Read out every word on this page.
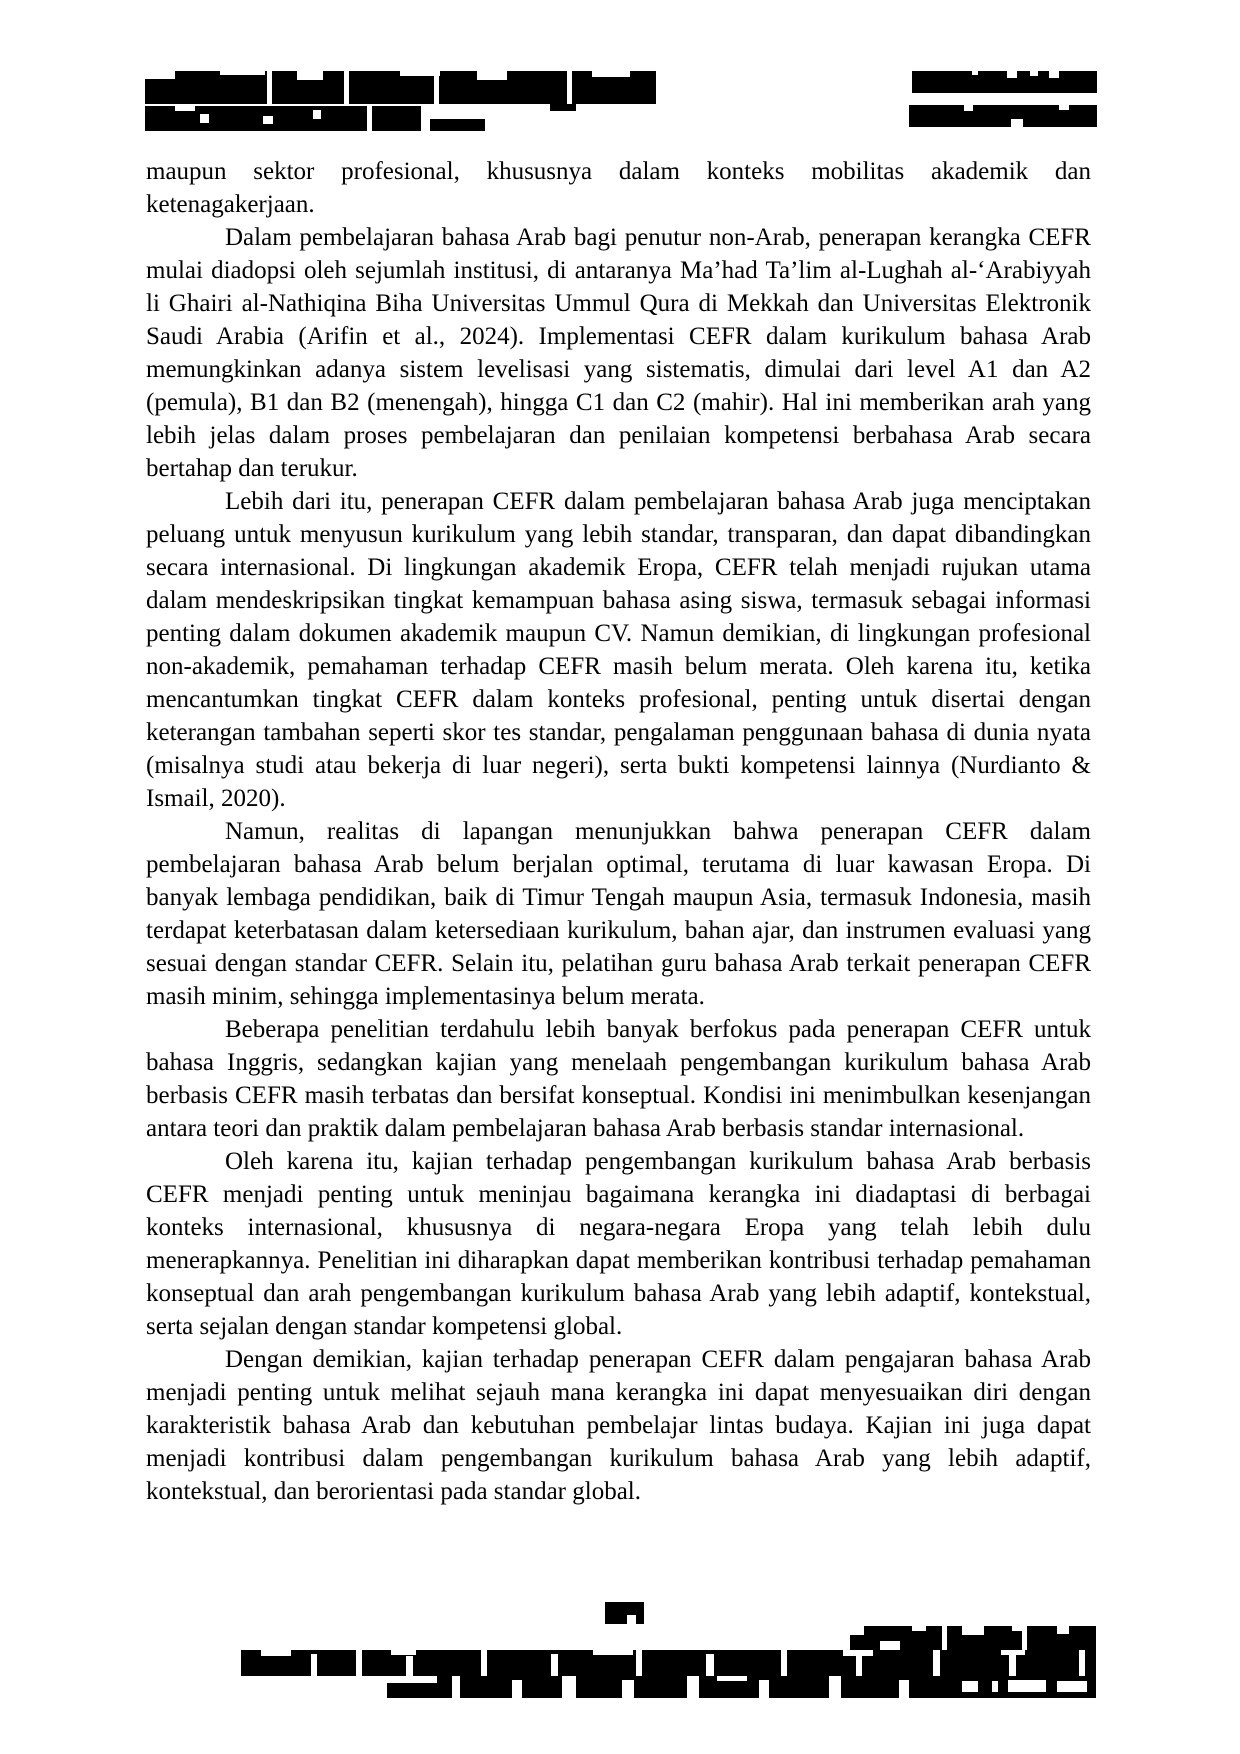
maupun sektor profesional, khususnya dalam konteks mobilitas akademik dan ketenagakerjaan.

Dalam pembelajaran bahasa Arab bagi penutur non-Arab, penerapan kerangka CEFR mulai diadopsi oleh sejumlah institusi, di antaranya Ma’had Ta’lim al-Lughah al-‘Arabiyyah li Ghairi al-Nathiqina Biha Universitas Ummul Qura di Mekkah dan Universitas Elektronik Saudi Arabia (Arifin et al., 2024). Implementasi CEFR dalam kurikulum bahasa Arab memungkinkan adanya sistem levelisasi yang sistematis, dimulai dari level A1 dan A2 (pemula), B1 dan B2 (menengah), hingga C1 dan C2 (mahir). Hal ini memberikan arah yang lebih jelas dalam proses pembelajaran dan penilaian kompetensi berbahasa Arab secara bertahap dan terukur.

Lebih dari itu, penerapan CEFR dalam pembelajaran bahasa Arab juga menciptakan peluang untuk menyusun kurikulum yang lebih standar, transparan, dan dapat dibandingkan secara internasional. Di lingkungan akademik Eropa, CEFR telah menjadi rujukan utama dalam mendeskripsikan tingkat kemampuan bahasa asing siswa, termasuk sebagai informasi penting dalam dokumen akademik maupun CV. Namun demikian, di lingkungan profesional non-akademik, pemahaman terhadap CEFR masih belum merata. Oleh karena itu, ketika mencantumkan tingkat CEFR dalam konteks profesional, penting untuk disertai dengan keterangan tambahan seperti skor tes standar, pengalaman penggunaan bahasa di dunia nyata (misalnya studi atau bekerja di luar negeri), serta bukti kompetensi lainnya (Nurdianto & Ismail, 2020).

Namun, realitas di lapangan menunjukkan bahwa penerapan CEFR dalam pembelajaran bahasa Arab belum berjalan optimal, terutama di luar kawasan Eropa. Di banyak lembaga pendidikan, baik di Timur Tengah maupun Asia, termasuk Indonesia, masih terdapat keterbatasan dalam ketersediaan kurikulum, bahan ajar, dan instrumen evaluasi yang sesuai dengan standar CEFR. Selain itu, pelatihan guru bahasa Arab terkait penerapan CEFR masih minim, sehingga implementasinya belum merata.

Beberapa penelitian terdahulu lebih banyak berfokus pada penerapan CEFR untuk bahasa Inggris, sedangkan kajian yang menelaah pengembangan kurikulum bahasa Arab berbasis CEFR masih terbatas dan bersifat konseptual. Kondisi ini menimbulkan kesenjangan antara teori dan praktik dalam pembelajaran bahasa Arab berbasis standar internasional.

Oleh karena itu, kajian terhadap pengembangan kurikulum bahasa Arab berbasis CEFR menjadi penting untuk meninjau bagaimana kerangka ini diadaptasi di berbagai konteks internasional, khususnya di negara-negara Eropa yang telah lebih dulu menerapkannya. Penelitian ini diharapkan dapat memberikan kontribusi terhadap pemahaman konseptual dan arah pengembangan kurikulum bahasa Arab yang lebih adaptif, kontekstual, serta sejalan dengan standar kompetensi global.

Dengan demikian, kajian terhadap penerapan CEFR dalam pengajaran bahasa Arab menjadi penting untuk melihat sejauh mana kerangka ini dapat menyesuaikan diri dengan karakteristik bahasa Arab dan kebutuhan pembelajar lintas budaya. Kajian ini juga dapat menjadi kontribusi dalam pengembangan kurikulum bahasa Arab yang lebih adaptif, kontekstual, dan berorientasi pada standar global.
